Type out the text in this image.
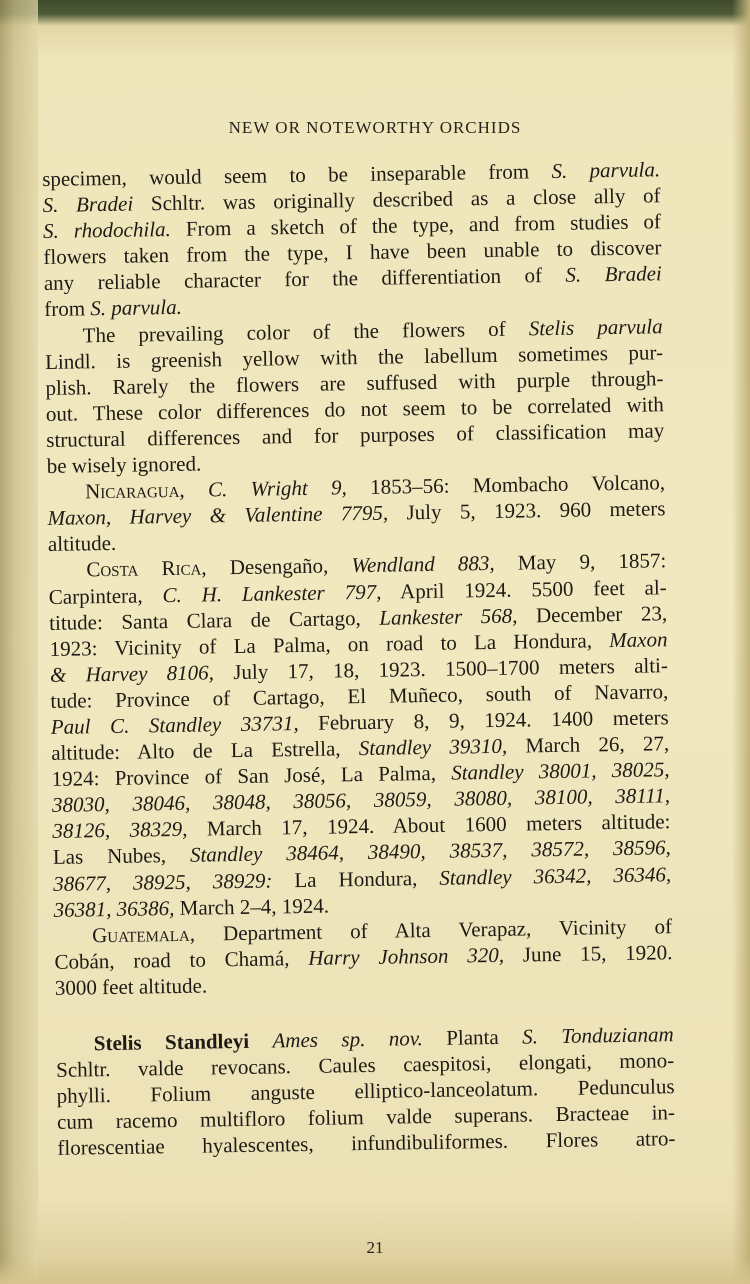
NEW OR NOTEWORTHY ORCHIDS
specimen, would seem to be inseparable from S. parvula.
S. Bradei Schltr. was originally described as a close ally of
S. rhodochila. From a sketch of the type, and from studies of
flowers taken from the type, I have been unable to discover
any reliable character for the differentiation of S. Bradei
from S. parvula.
The prevailing color of the flowers of Stelis parvula
Lindl. is greenish yellow with the labellum sometimes pur-
plish. Rarely the flowers are suffused with purple through-
out. These color differences do not seem to be correlated with
structural differences and for purposes of classification may
be wisely ignored.
Nicaragua, C. Wright 9, 1853–56: Mombacho Volcano,
Maxon, Harvey & Valentine 7795, July 5, 1923. 960 meters
altitude.
Costa Rica, Desengaño, Wendland 883, May 9, 1857:
Carpintera, C. H. Lankester 797, April 1924. 5500 feet al-
titude: Santa Clara de Cartago, Lankester 568, December 23,
1923: Vicinity of La Palma, on road to La Hondura, Maxon
& Harvey 8106, July 17, 18, 1923. 1500–1700 meters alti-
tude: Province of Cartago, El Muñeco, south of Navarro,
Paul C. Standley 33731, February 8, 9, 1924. 1400 meters
altitude: Alto de La Estrella, Standley 39310, March 26, 27,
1924: Province of San José, La Palma, Standley 38001, 38025,
38030, 38046, 38048, 38056, 38059, 38080, 38100, 38111,
38126, 38329, March 17, 1924. About 1600 meters altitude:
Las Nubes, Standley 38464, 38490, 38537, 38572, 38596,
38677, 38925, 38929: La Hondura, Standley 36342, 36346,
36381, 36386, March 2–4, 1924.
Guatemala, Department of Alta Verapaz, Vicinity of
Cobán, road to Chamá, Harry Johnson 320, June 15, 1920.
3000 feet altitude.
Stelis Standleyi Ames sp. nov. Planta S. Tonduzianam
Schltr. valde revocans. Caules caespitosi, elongati, mono-
phylli. Folium anguste elliptico-lanceolatum. Pedunculus
cum racemo multifloro folium valde superans. Bracteae in-
florescentiae hyalescentes, infundibuliformes. Flores atro-
21
